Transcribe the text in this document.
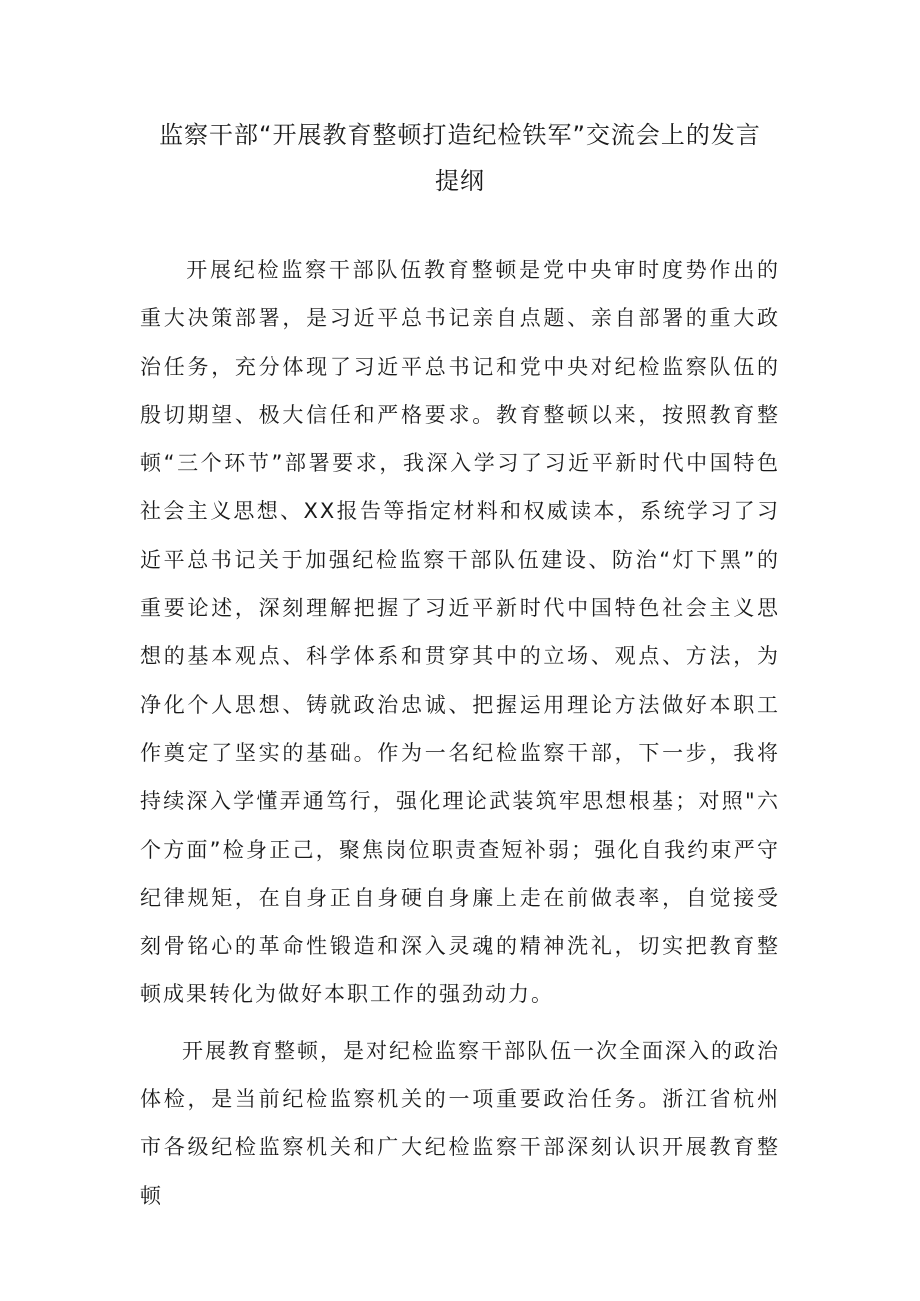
监察干部“开展教育整顿打造纪检铁军”交流会上的发言
提纲

开展纪检监察干部队伍教育整顿是党中央审时度势作出的重大决策部署，是习近平总书记亲自点题、亲自部署的重大政治任务，充分体现了习近平总书记和党中央对纪检监察队伍的殷切期望、极大信任和严格要求。教育整顿以来，按照教育整顿“三个环节”部署要求，我深入学习了习近平新时代中国特色社会主义思想、XX报告等指定材料和权威读本，系统学习了习近平总书记关于加强纪检监察干部队伍建设、防治“灯下黑”的重要论述，深刻理解把握了习近平新时代中国特色社会主义思想的基本观点、科学体系和贯穿其中的立场、观点、方法，为净化个人思想、铸就政治忠诚、把握运用理论方法做好本职工作奠定了坚实的基础。作为一名纪检监察干部，下一步，我将持续深入学懂弄通笃行，强化理论武装筑牢思想根基；对照"六个方面”检身正己，聚焦岗位职责查短补弱；强化自我约束严守纪律规矩，在自身正自身硬自身廉上走在前做表率，自觉接受刻骨铭心的革命性锻造和深入灵魂的精神洗礼，切实把教育整顿成果转化为做好本职工作的强劲动力。

开展教育整顿，是对纪检监察干部队伍一次全面深入的政治体检，是当前纪检监察机关的一项重要政治任务。浙江省杭州市各级纪检监察机关和广大纪检监察干部深刻认识开展教育整顿
